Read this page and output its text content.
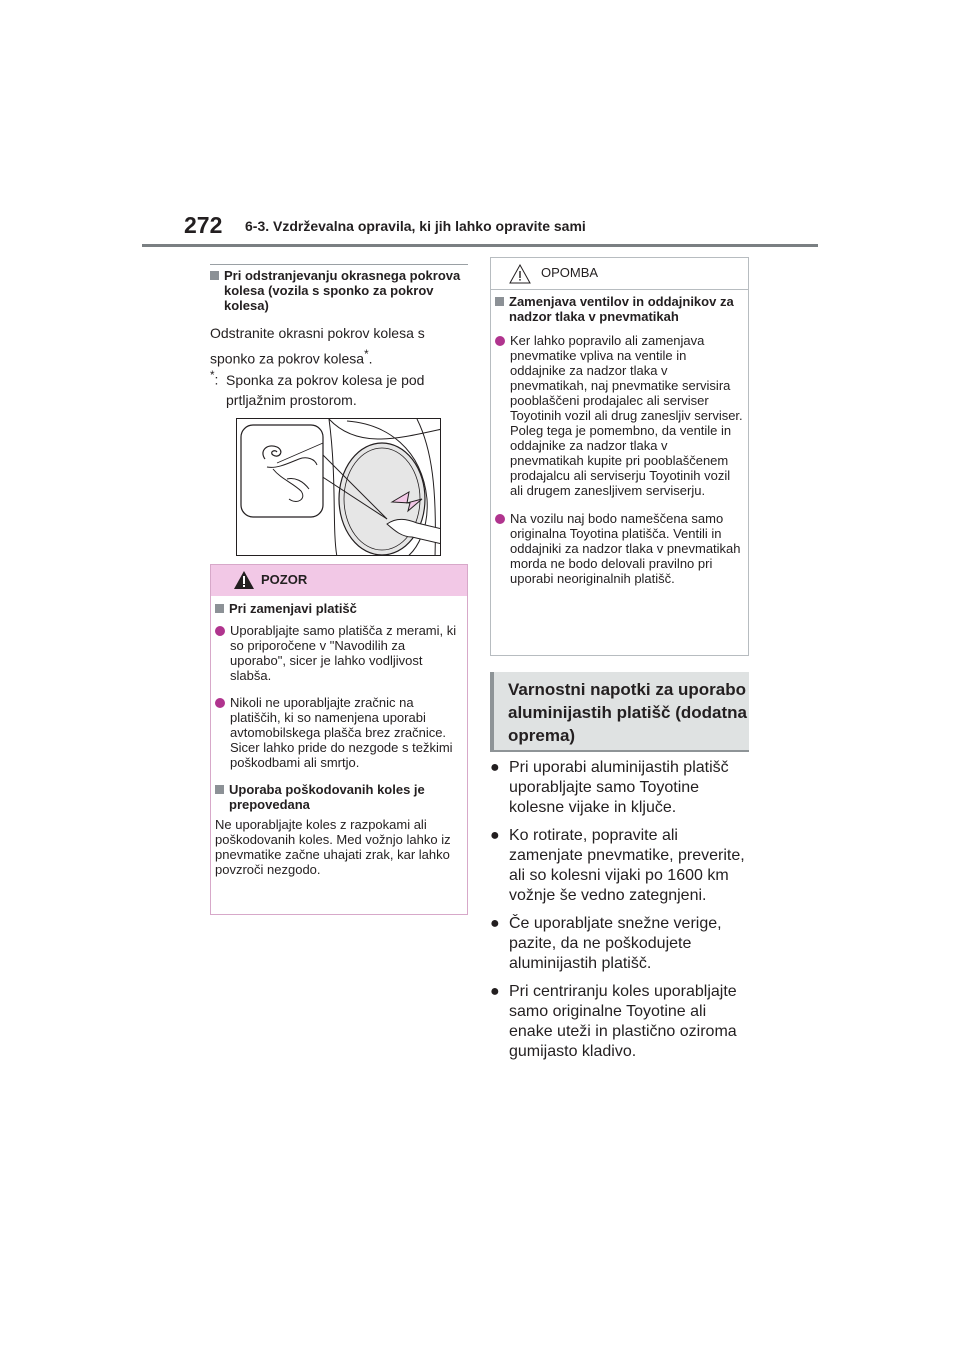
272 6-3. Vzdrževalna opravila, ki jih lahko opravite sami
Pri odstranjevanju okrasnega pokrova kolesa (vozila s sponko za pokrov kolesa)
Odstranite okrasni pokrov kolesa s sponko za pokrov kolesa*.
*: Sponka za pokrov kolesa je pod prtljažnim prostorom.
POZOR
Pri zamenjavi platišč
Uporabljajte samo platišča z merami, ki so priporočene v "Navodilih za uporabo", sicer je lahko vodljivost slabša.
Nikoli ne uporabljajte zračnic na platiščih, ki so namenjena uporabi avtomobilskega plašča brez zračnice.
Sicer lahko pride do nezgode s težkimi poškodbami ali smrtjo.
Uporaba poškodovanih koles je prepovedana
Ne uporabljajte koles z razpokami ali poškodovanih koles. Med vožnjo lahko iz pnevmatike začne uhajati zrak, kar lahko povzroči nezgodo.
OPOMBA
Zamenjava ventilov in oddajnikov za nadzor tlaka v pnevmatikah
Ker lahko popravilo ali zamenjava pnevmatike vpliva na ventile in oddajnike za nadzor tlaka v pnevmatikah, naj pnevmatike servisira pooblaščeni prodajalec ali serviser Toyotinih vozil ali drug zanesljiv serviser. Poleg tega je pomembno, da ventile in oddajnike za nadzor tlaka v pnevmatikah kupite pri pooblaščenem prodajalcu ali serviserju Toyotinih vozil ali drugem zanesljivem serviserju.
Na vozilu naj bodo nameščena samo originalna Toyotina platišča. Ventili in oddajniki za nadzor tlaka v pnevmatikah morda ne bodo delovali pravilno pri uporabi neoriginalnih platišč.
Varnostni napotki za uporabo aluminijastih platišč (dodatna oprema)
● Pri uporabi aluminijastih platišč uporabljajte samo Toyotine kolesne vijake in ključe.
● Ko rotirate, popravite ali zamenjate pnevmatike, preverite, ali so kolesni vijaki po 1600 km vožnje še vedno zategnjeni.
● Če uporabljate snežne verige, pazite, da ne poškodujete aluminijastih platišč.
● Pri centriranju koles uporabljajte samo originalne Toyotine ali enake uteži in plastično oziroma gumijasto kladivo.
